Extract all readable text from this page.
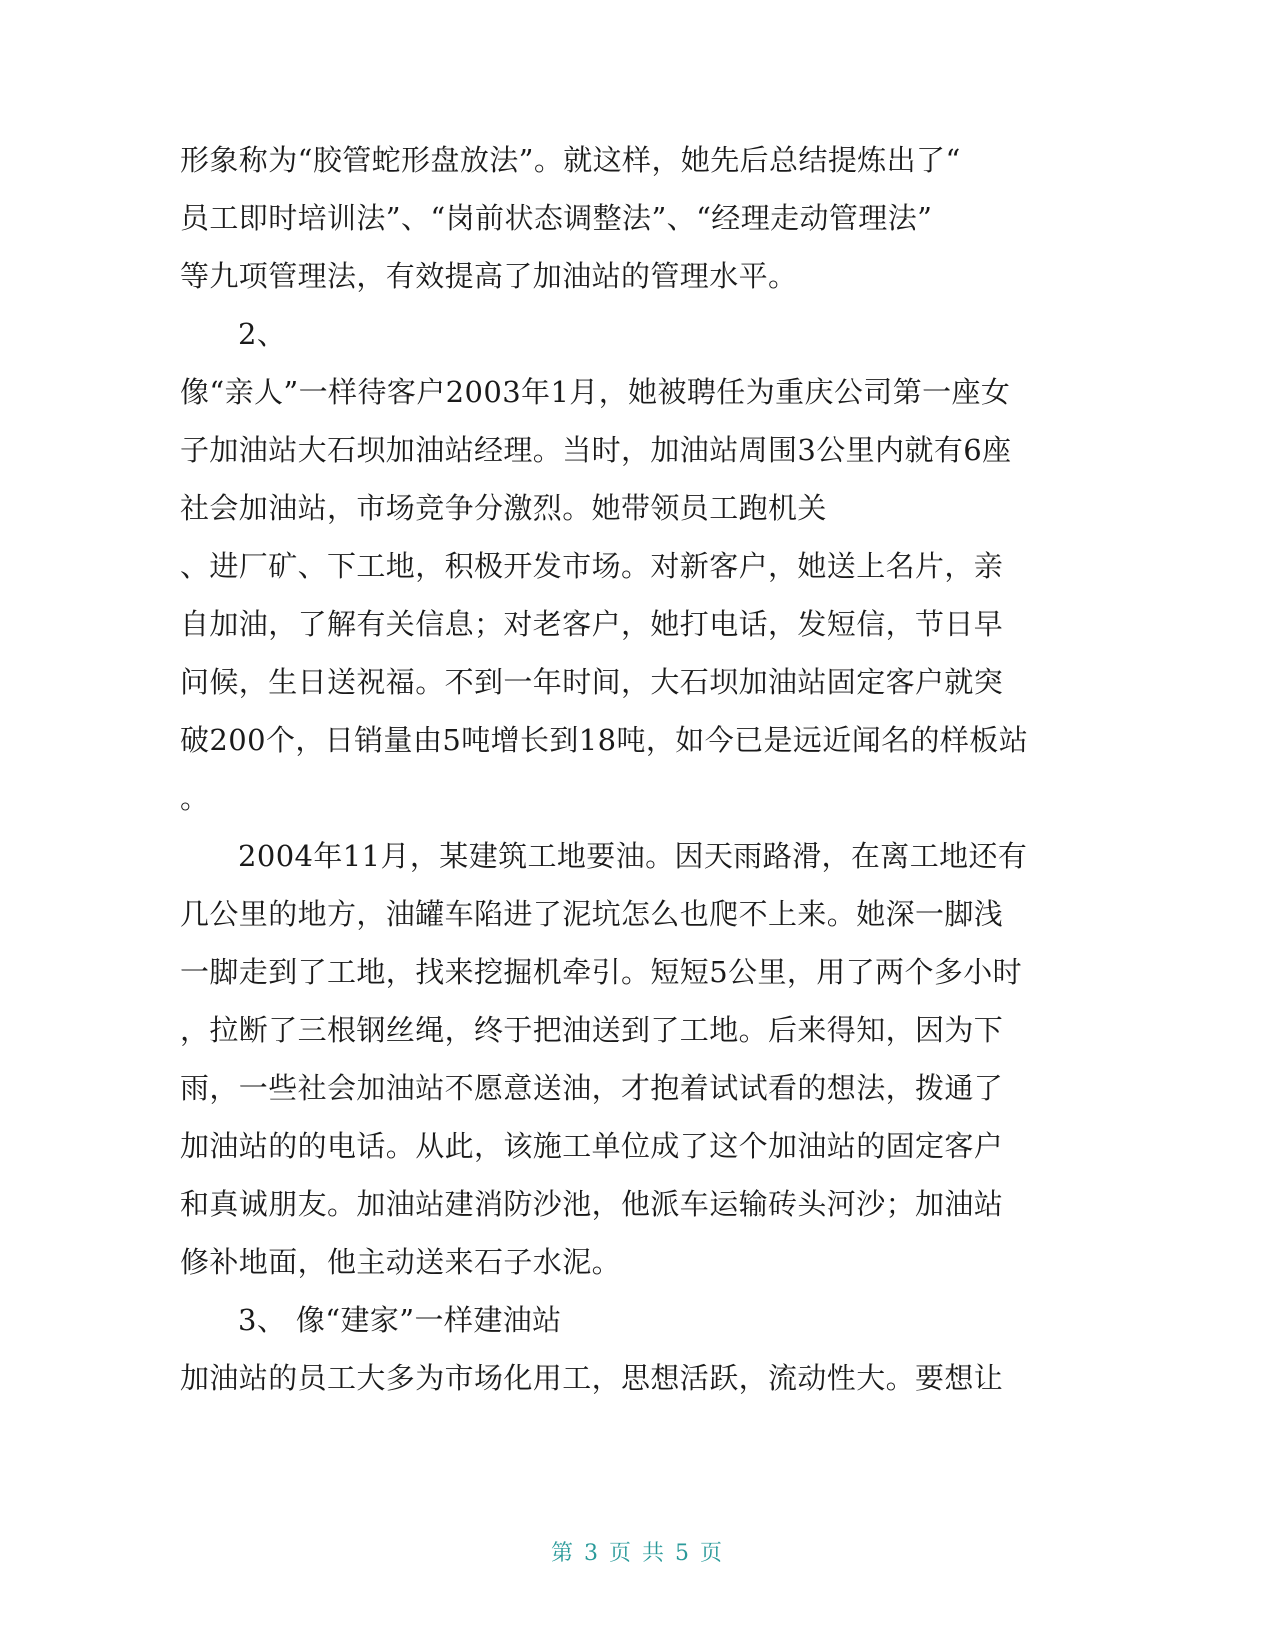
形象称为“胶管蛇形盘放法”。就这样，她先后总结提炼出了“
员工即时培训法”、“岗前状态调整法”、“经理走动管理法”
等九项管理法，有效提高了加油站的管理水平。
2、
像“亲人”一样待客户2003年1月，她被聘任为重庆公司第一座女
子加油站大石坝加油站经理。当时，加油站周围3公里内就有6座
社会加油站，市场竞争分激烈。她带领员工跑机关
、进厂矿、下工地，积极开发市场。对新客户，她送上名片，亲
自加油，了解有关信息；对老客户，她打电话，发短信，节日早
问候，生日送祝福。不到一年时间，大石坝加油站固定客户就突
破200个，日销量由5吨增长到18吨，如今已是远近闻名的样板站
。
2004年11月，某建筑工地要油。因天雨路滑，在离工地还有
几公里的地方，油罐车陷进了泥坑怎么也爬不上来。她深一脚浅
一脚走到了工地，找来挖掘机牵引。短短5公里，用了两个多小时
，拉断了三根钢丝绳，终于把油送到了工地。后来得知，因为下
雨，一些社会加油站不愿意送油，才抱着试试看的想法，拨通了
加油站的的电话。从此，该施工单位成了这个加油站的固定客户
和真诚朋友。加油站建消防沙池，他派车运输砖头河沙；加油站
修补地面，他主动送来石子水泥。
3、 像“建家”一样建油站
加油站的员工大多为市场化用工，思想活跃，流动性大。要想让
第 3 页 共 5 页
